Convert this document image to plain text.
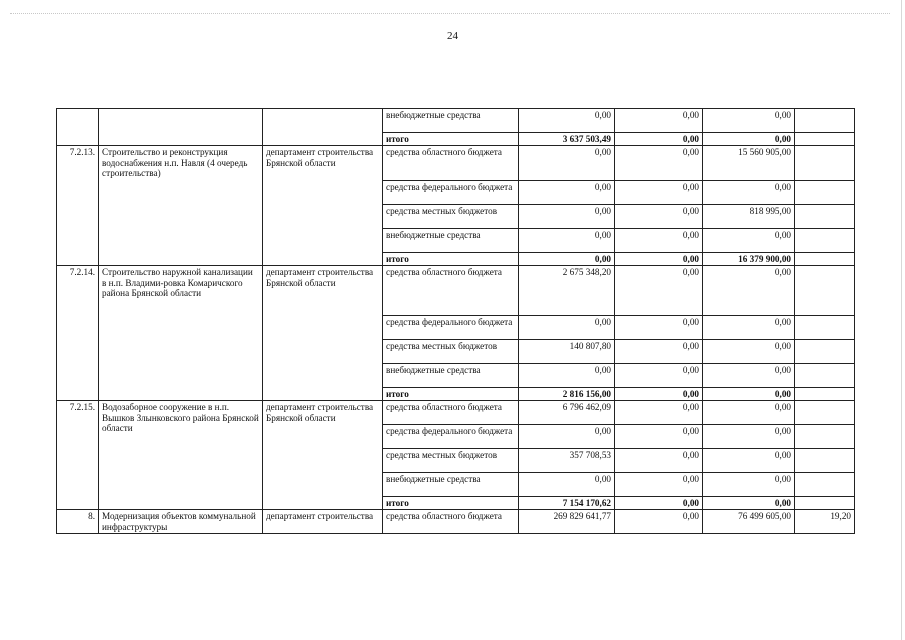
24
			внебюджетные средства	0,00	0,00	0,00	
			итого	3 637 503,49	0,00	0,00	
7.2.13.	Строительство и реконструкция водоснабжения н.п. Навля (4 очередь строительства)	департамент строительства Брянской области	средства областного бюджета	0,00	0,00	15 560 905,00	
			средства федерального бюджета	0,00	0,00	0,00	
			средства местных бюджетов	0,00	0,00	818 995,00	
			внебюджетные средства	0,00	0,00	0,00	
			итого	0,00	0,00	16 379 900,00	
7.2.14.	Строительство наружной канализации в н.п. Владими-ровка Комаричского района Брянской области	департамент строительства Брянской области	средства областного бюджета	2 675 348,20	0,00	0,00	
			средства федерального бюджета	0,00	0,00	0,00	
			средства местных бюджетов	140 807,80	0,00	0,00	
			внебюджетные средства	0,00	0,00	0,00	
			итого	2 816 156,00	0,00	0,00	
7.2.15.	Водозаборное сооружение в н.п. Вышков Злынковского района Брянской области	департамент строительства Брянской области	средства областного бюджета	6 796 462,09	0,00	0,00	
			средства федерального бюджета	0,00	0,00	0,00	
			средства местных бюджетов	357 708,53	0,00	0,00	
			внебюджетные средства	0,00	0,00	0,00	
			итого	7 154 170,62	0,00	0,00	
8.	Модернизация объектов коммунальной инфраструктуры	департамент строительства	средства областного бюджета	269 829 641,77	0,00	76 499 605,00	19,20
